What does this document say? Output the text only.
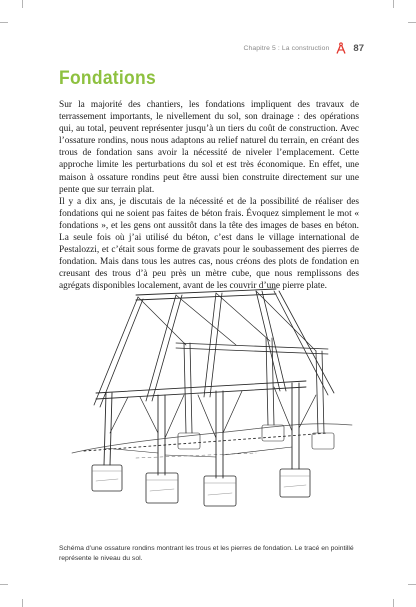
Chapitre 5 : La construction	87
Fondations

Sur la majorité des chantiers, les fondations impliquent des travaux de terrassement importants, le nivellement du sol, son drainage : des opérations qui, au total, peuvent représenter jusqu’à un tiers du coût de construction. Avec l’ossature rondins, nous nous adaptons au relief naturel du terrain, en créant des trous de fondation sans avoir la nécessité de niveler l’emplacement. Cette approche limite les perturbations du sol et est très économique. En effet, une maison à ossature rondins peut être aussi bien construite directement sur une pente que sur terrain plat.

Il y a dix ans, je discutais de la nécessité et de la possibilité de réaliser des fondations qui ne soient pas faites de béton frais. Évoquez simplement le mot « fondations », et les gens ont aussitôt dans la tête des images de bases en béton. La seule fois où j’ai utilisé du béton, c’est dans le village international de Pestalozzi, et c’était sous forme de gravats pour le soubassement des pierres de fondation. Mais dans tous les autres cas, nous créons des plots de fondation en creusant des trous d’à peu près un mètre cube, que nous remplissons des agrégats disponibles localement, avant de les couvrir d’une pierre plate.

Schéma d’une ossature rondins montrant les trous et les pierres de fondation. Le tracé en pointillé représente le niveau du sol.
